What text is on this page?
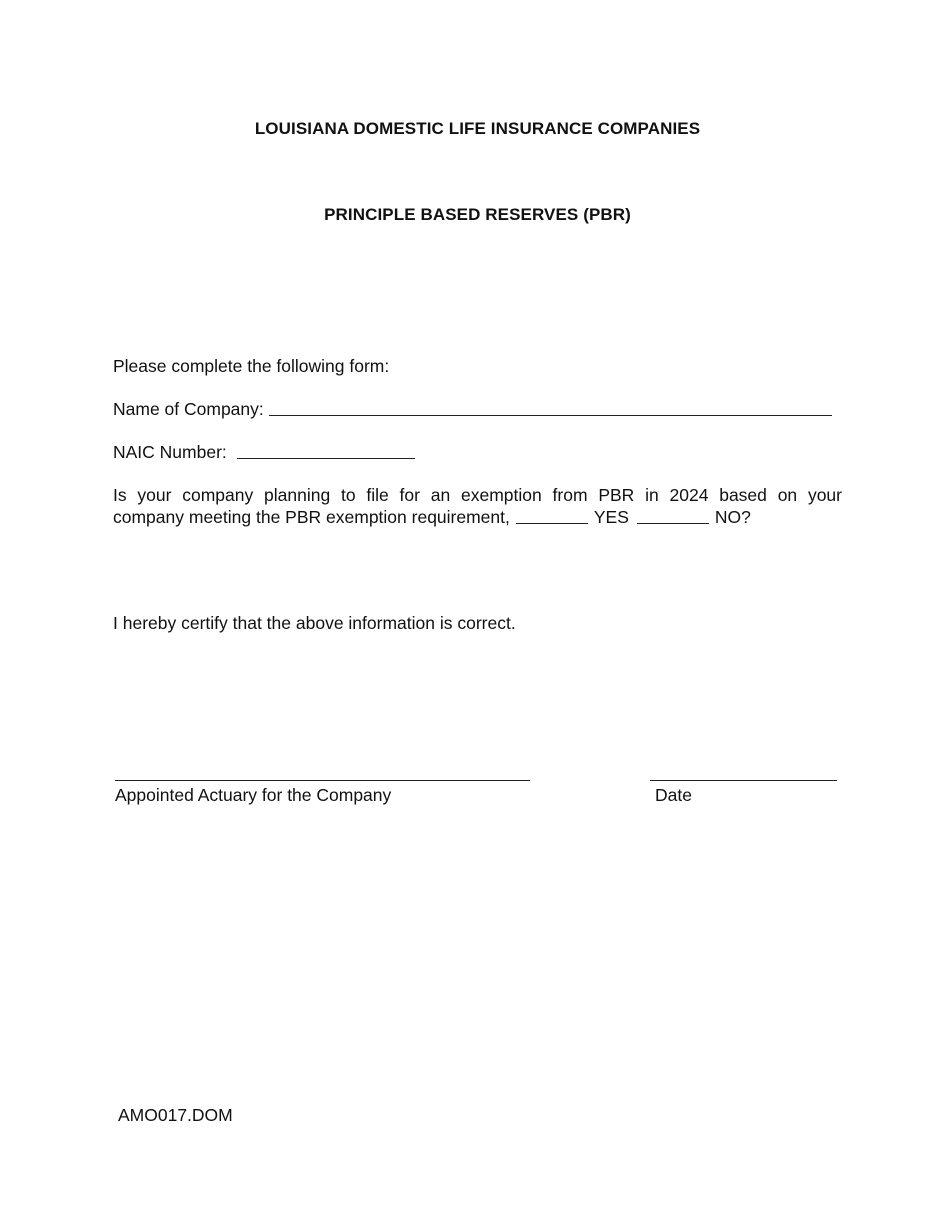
LOUISIANA DOMESTIC LIFE INSURANCE COMPANIES
PRINCIPLE BASED RESERVES (PBR)
Please complete the following form:
Name of Company:
NAIC Number:
Is your company planning to file for an exemption from PBR in 2024 based on your
company meeting the PBR exemption requirement,	YES	NO?
I hereby certify that the above information is correct.
Appointed Actuary for the Company	Date
AMO017.DOM
